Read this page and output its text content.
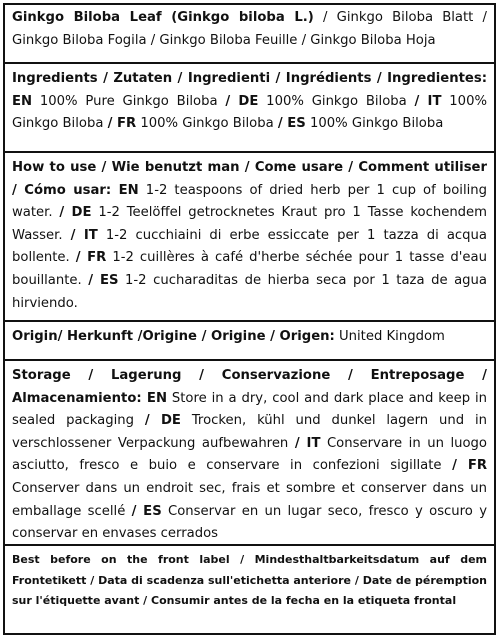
Ginkgo Biloba Leaf (Ginkgo biloba L.) / Ginkgo Biloba Blatt / Ginkgo Biloba Fogila / Ginkgo Biloba Feuille / Ginkgo Biloba Hoja
Ingredients / Zutaten / Ingredienti / Ingrédients / Ingredientes: EN 100% Pure Ginkgo Biloba / DE 100% Ginkgo Biloba / IT 100% Ginkgo Biloba / FR 100% Ginkgo Biloba / ES 100% Ginkgo Biloba
How to use / Wie benutzt man / Come usare / Comment utiliser / Cómo usar: EN 1-2 teaspoons of dried herb per 1 cup of boiling water. / DE 1-2 Teelöffel getrocknetes Kraut pro 1 Tasse kochendem Wasser. / IT 1-2 cucchiaini di erbe essiccate per 1 tazza di acqua bollente. / FR 1-2 cuillères à café d'herbe séchée pour 1 tasse d'eau bouillante. / ES 1-2 cucharaditas de hierba seca por 1 taza de agua hirviendo.
Origin/ Herkunft /Origine / Origine / Origen: United Kingdom
Storage / Lagerung / Conservazione / Entreposage / Almacenamiento: EN Store in a dry, cool and dark place and keep in sealed packaging / DE Trocken, kühl und dunkel lagern und in verschlossener Verpackung aufbewahren / IT Conservare in un luogo asciutto, fresco e buio e conservare in confezioni sigillate / FR Conserver dans un endroit sec, frais et sombre et conserver dans un emballage scellé / ES Conservar en un lugar seco, fresco y oscuro y conservar en envases cerrados
Best before on the front label / Mindesthaltbarkeitsdatum auf dem Frontetikett / Data di scadenza sull'etichetta anteriore / Date de péremption sur l'étiquette avant / Consumir antes de la fecha en la etiqueta frontal
